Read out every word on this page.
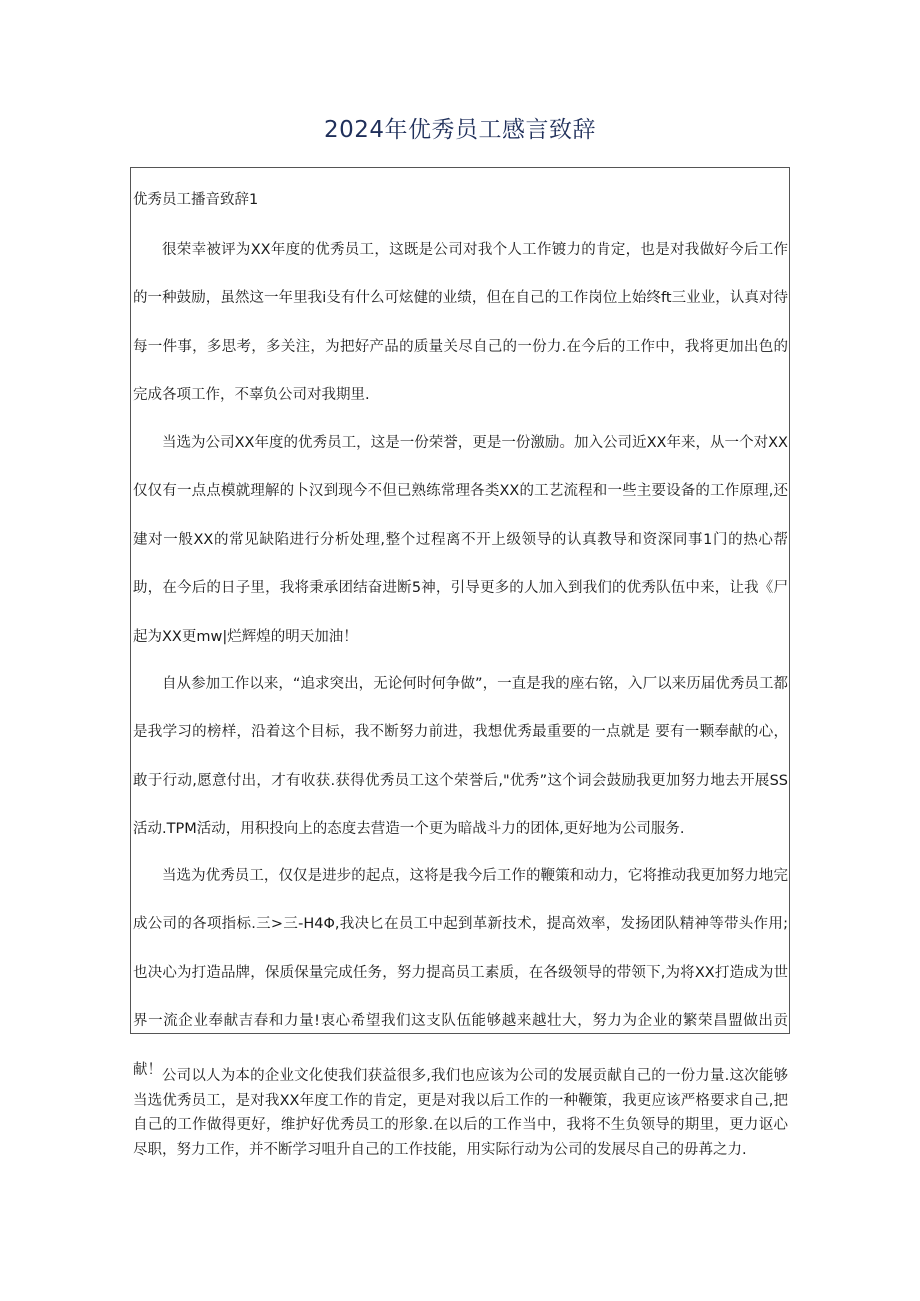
2024年优秀员工感言致辞
优秀员工播音致辞1

很荣幸被评为XX年度的优秀员工，这既是公司对我个人工作镀力的肯定，也是对我做好今后工作的一种鼓励，虽然这一年里我i殳有什么可炫健的业绩，但在自己的工作岗位上始终ft三业业，认真对待每一件事，多思考，多关注，为把好产品的质量关尽自己的一份力.在今后的工作中，我将更加出色的完成各项工作，不辜负公司对我期里.

当选为公司XX年度的优秀员工，这是一份荣誉，更是一份激励。加入公司近XX年来，从一个对XX仅仅有一点点模就理解的卜汉到现今不但已熟练常理各类XX的工艺流程和一些主要设备的工作原理,还建对一般XX的常见缺陷进行分析处理,整个过程离不开上级领导的认真教导和资深同事1门的热心帮助，在今后的日子里，我将秉承团结奋进断5神，引导更多的人加入到我们的优秀队伍中来，让我《尸起为XX更mw|烂辉煌的明天加油！

自从参加工作以来，“追求突出，无论何时何争做”，一直是我的座右铭，入厂以来历届优秀员工都是我学习的榜样，沿着这个目标，我不断努力前进，我想优秀最重要的一点就是 要有一颗奉献的心，敢于行动,愿意付出，才有收获.获得优秀员工这个荣誉后,"优秀”这个词会鼓励我更加努力地去开展SS活动.TPM活动，用积投向上的态度去营造一个更为暗战斗力的团体,更好地为公司服务.

当选为优秀员工，仅仅是进步的起点，这将是我今后工作的鞭策和动力，它将推动我更加努力地完成公司的各项指标.三>三-H4Φ,我决匕在员工中起到革新技术，提高效率，发扬团队精神等带头作用;也决心为打造品牌，保质保量完成任务，努力提高员工素质，在各级领导的带领下,为将XX打造成为世界一流企业奉献吉春和力量!衷心希望我们这支队伍能够越来越壮大，努力为企业的繁荣昌盟做出贡献！ 公司以人为本的企业文化使我们获益很多,我们也应该为公司的发展贡献自己的一份力量.这次能够当选优秀员工，是对我XX年度工作的肯定，更是对我以后工作的一种鞭策，我更应该严格要求自己,把自己的工作做得更好，维护好优秀员工的形象.在以后的工作当中，我将不生负领导的期里，更力讴心尽职，努力工作，并不断学习咀升自己的工作技能，用实际行动为公司的发展尽自己的毋苒之力.
